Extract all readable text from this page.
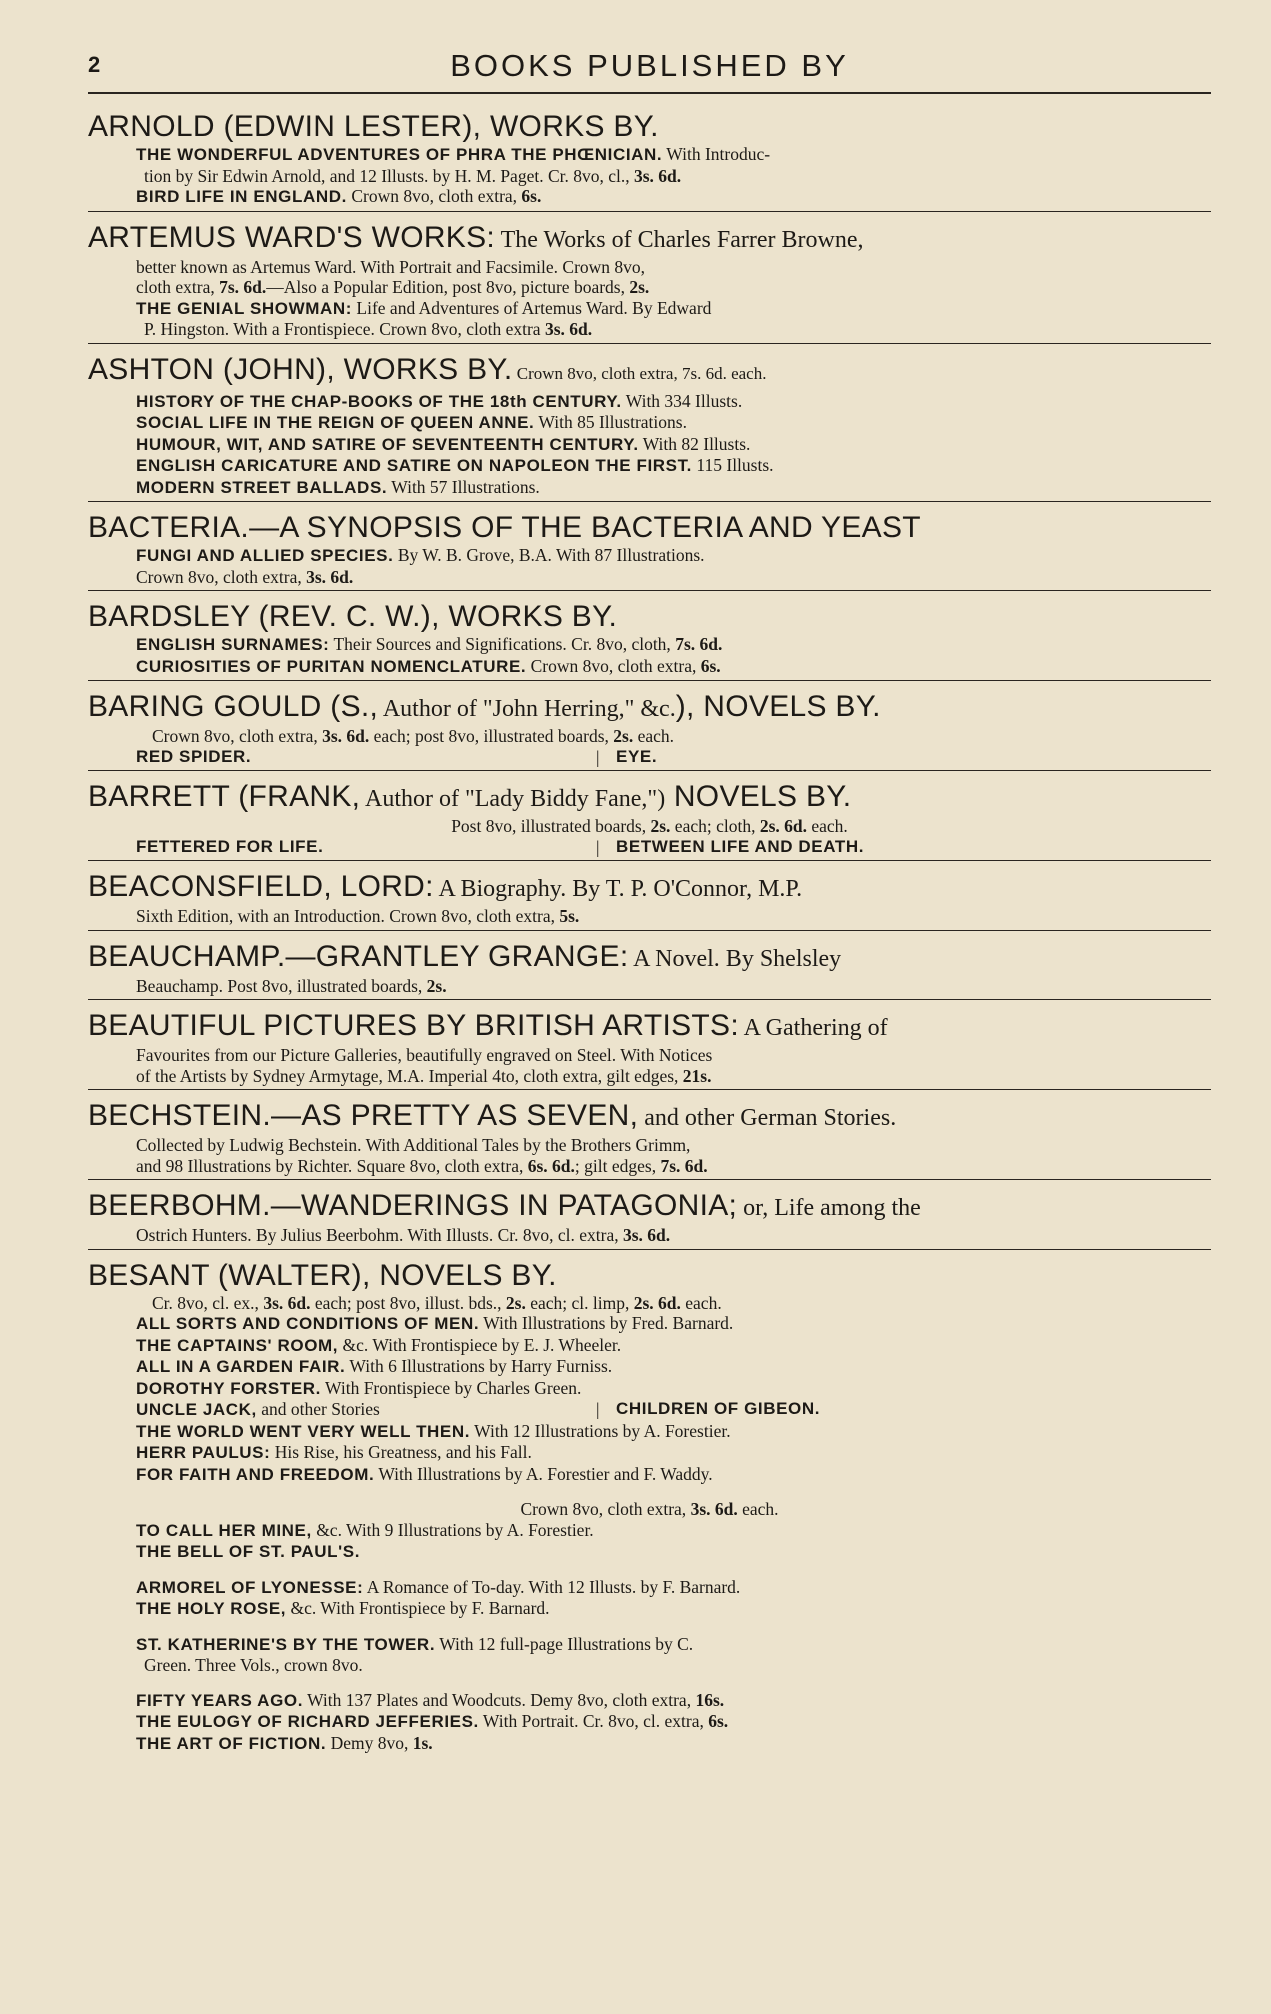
2	BOOKS PUBLISHED BY
ARNOLD (EDWIN LESTER), WORKS BY.
THE WONDERFUL ADVENTURES OF PHRA THE PHŒNICIAN. With Introduc-
tion by Sir Edwin Arnold, and 12 Illusts. by H. M. Paget. Cr. 8vo, cl., 3s. 6d.
BIRD LIFE IN ENGLAND. Crown 8vo, cloth extra, 6s.
ARTEMUS WARD'S WORKS: The Works of Charles Farrer Browne,
better known as Artemus Ward. With Portrait and Facsimile. Crown 8vo,
cloth extra, 7s. 6d.—Also a Popular Edition, post 8vo, picture boards, 2s.
THE GENIAL SHOWMAN: Life and Adventures of Artemus Ward. By Edward
P. Hingston. With a Frontispiece. Crown 8vo, cloth extra 3s. 6d.
ASHTON (JOHN), WORKS BY. Crown 8vo, cloth extra, 7s. 6d. each.
HISTORY OF THE CHAP-BOOKS OF THE 18th CENTURY. With 334 Illusts.
SOCIAL LIFE IN THE REIGN OF QUEEN ANNE. With 85 Illustrations.
HUMOUR, WIT, AND SATIRE OF SEVENTEENTH CENTURY. With 82 Illusts.
ENGLISH CARICATURE AND SATIRE ON NAPOLEON THE FIRST. 115 Illusts.
MODERN STREET BALLADS. With 57 Illustrations.
BACTERIA.—A SYNOPSIS OF THE BACTERIA AND YEAST
FUNGI AND ALLIED SPECIES. By W. B. Grove, B.A. With 87 Illustrations.
Crown 8vo, cloth extra, 3s. 6d.
BARDSLEY (REV. C. W.), WORKS BY.
ENGLISH SURNAMES: Their Sources and Significations. Cr. 8vo, cloth, 7s. 6d.
CURIOSITIES OF PURITAN NOMENCLATURE. Crown 8vo, cloth extra, 6s.
BARING GOULD (S., Author of "John Herring," &c.), NOVELS BY.
Crown 8vo, cloth extra, 3s. 6d. each; post 8vo, illustrated boards, 2s. each.
RED SPIDER.	| EYE.
BARRETT (FRANK, Author of "Lady Biddy Fane,") NOVELS BY.
Post 8vo, illustrated boards, 2s. each; cloth, 2s. 6d. each.
FETTERED FOR LIFE.	| BETWEEN LIFE AND DEATH.
BEACONSFIELD, LORD: A Biography. By T. P. O'Connor, M.P.
Sixth Edition, with an Introduction. Crown 8vo, cloth extra, 5s.
BEAUCHAMP.—GRANTLEY GRANGE: A Novel. By Shelsley
Beauchamp. Post 8vo, illustrated boards, 2s.
BEAUTIFUL PICTURES BY BRITISH ARTISTS: A Gathering of
Favourites from our Picture Galleries, beautifully engraved on Steel. With Notices
of the Artists by Sydney Armytage, M.A. Imperial 4to, cloth extra, gilt edges, 21s.
BECHSTEIN.—AS PRETTY AS SEVEN, and other German Stories.
Collected by Ludwig Bechstein. With Additional Tales by the Brothers Grimm,
and 98 Illustrations by Richter. Square 8vo, cloth extra, 6s. 6d.; gilt edges, 7s. 6d.
BEERBOHM.—WANDERINGS IN PATAGONIA; or, Life among the
Ostrich Hunters. By Julius Beerbohm. With Illusts. Cr. 8vo, cl. extra, 3s. 6d.
BESANT (WALTER), NOVELS BY.
Cr. 8vo, cl. ex., 3s. 6d. each; post 8vo, illust. bds., 2s. each; cl. limp, 2s. 6d. each.
ALL SORTS AND CONDITIONS OF MEN. With Illustrations by Fred. Barnard.
THE CAPTAINS' ROOM, &c. With Frontispiece by E. J. Wheeler.
ALL IN A GARDEN FAIR. With 6 Illustrations by Harry Furniss.
DOROTHY FORSTER. With Frontispiece by Charles Green.
UNCLE JACK, and other Stories	| CHILDREN OF GIBEON.
THE WORLD WENT VERY WELL THEN. With 12 Illustrations by A. Forestier.
HERR PAULUS: His Rise, his Greatness, and his Fall.
FOR FAITH AND FREEDOM. With Illustrations by A. Forestier and F. Waddy.
Crown 8vo, cloth extra, 3s. 6d. each.
TO CALL HER MINE, &c. With 9 Illustrations by A. Forestier.
THE BELL OF ST. PAUL'S.
ARMOREL OF LYONESSE: A Romance of To-day. With 12 Illusts. by F. Barnard.
THE HOLY ROSE, &c. With Frontispiece by F. Barnard.
ST. KATHERINE'S BY THE TOWER. With 12 full-page Illustrations by C.
Green. Three Vols., crown 8vo.
FIFTY YEARS AGO. With 137 Plates and Woodcuts. Demy 8vo, cloth extra, 16s.
THE EULOGY OF RICHARD JEFFERIES. With Portrait. Cr. 8vo, cl. extra, 6s.
THE ART OF FICTION. Demy 8vo, 1s.
